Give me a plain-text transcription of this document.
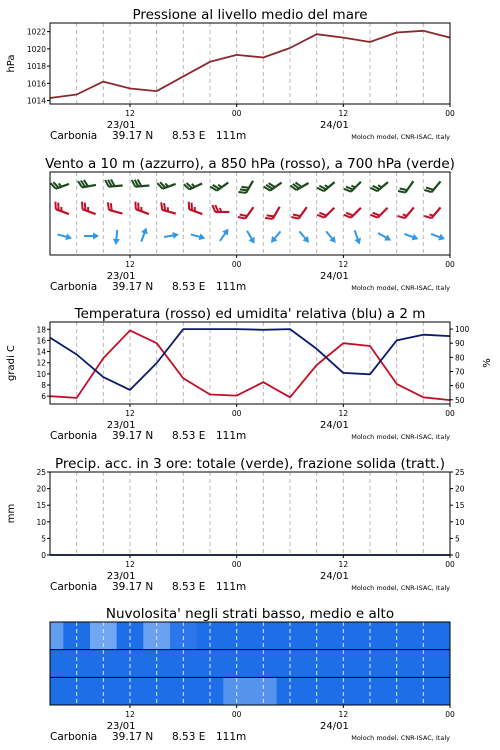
Pressione al livello medio del mare
12	00	12	00
23/01	24/01
Carbonia 39.17 N 8.53 E 111m	Moloch model, CNR-ISAC, Italy
1014
1016
1018
1020
1022
hPa
Vento a 10 m (azzurro), a 850 hPa (rosso), a 700 hPa (verde)
12	00	12	00
23/01	24/01
Carbonia 39.17 N 8.53 E 111m	Moloch model, CNR-ISAC, Italy
Temperatura (rosso) ed umidita' relativa (blu) a 2 m
12	00	12	00
23/01	24/01
Carbonia 39.17 N 8.53 E 111m	Moloch model, CNR-ISAC, Italy
6
8
10
12
14
16
18
gradi C
50
60
70
80
90
100
%
Precip. acc. in 3 ore: totale (verde), frazione solida (tratt.)
12	00	12	00
23/01	24/01
Carbonia 39.17 N 8.53 E 111m	Moloch model, CNR-ISAC, Italy
0
5
10
15
20
25
mm
0
5
10
15
20
25
Nuvolosita' negli strati basso, medio e alto
12	00	12	00
23/01	24/01
Carbonia 39.17 N 8.53 E 111m	Moloch model, CNR-ISAC, Italy
